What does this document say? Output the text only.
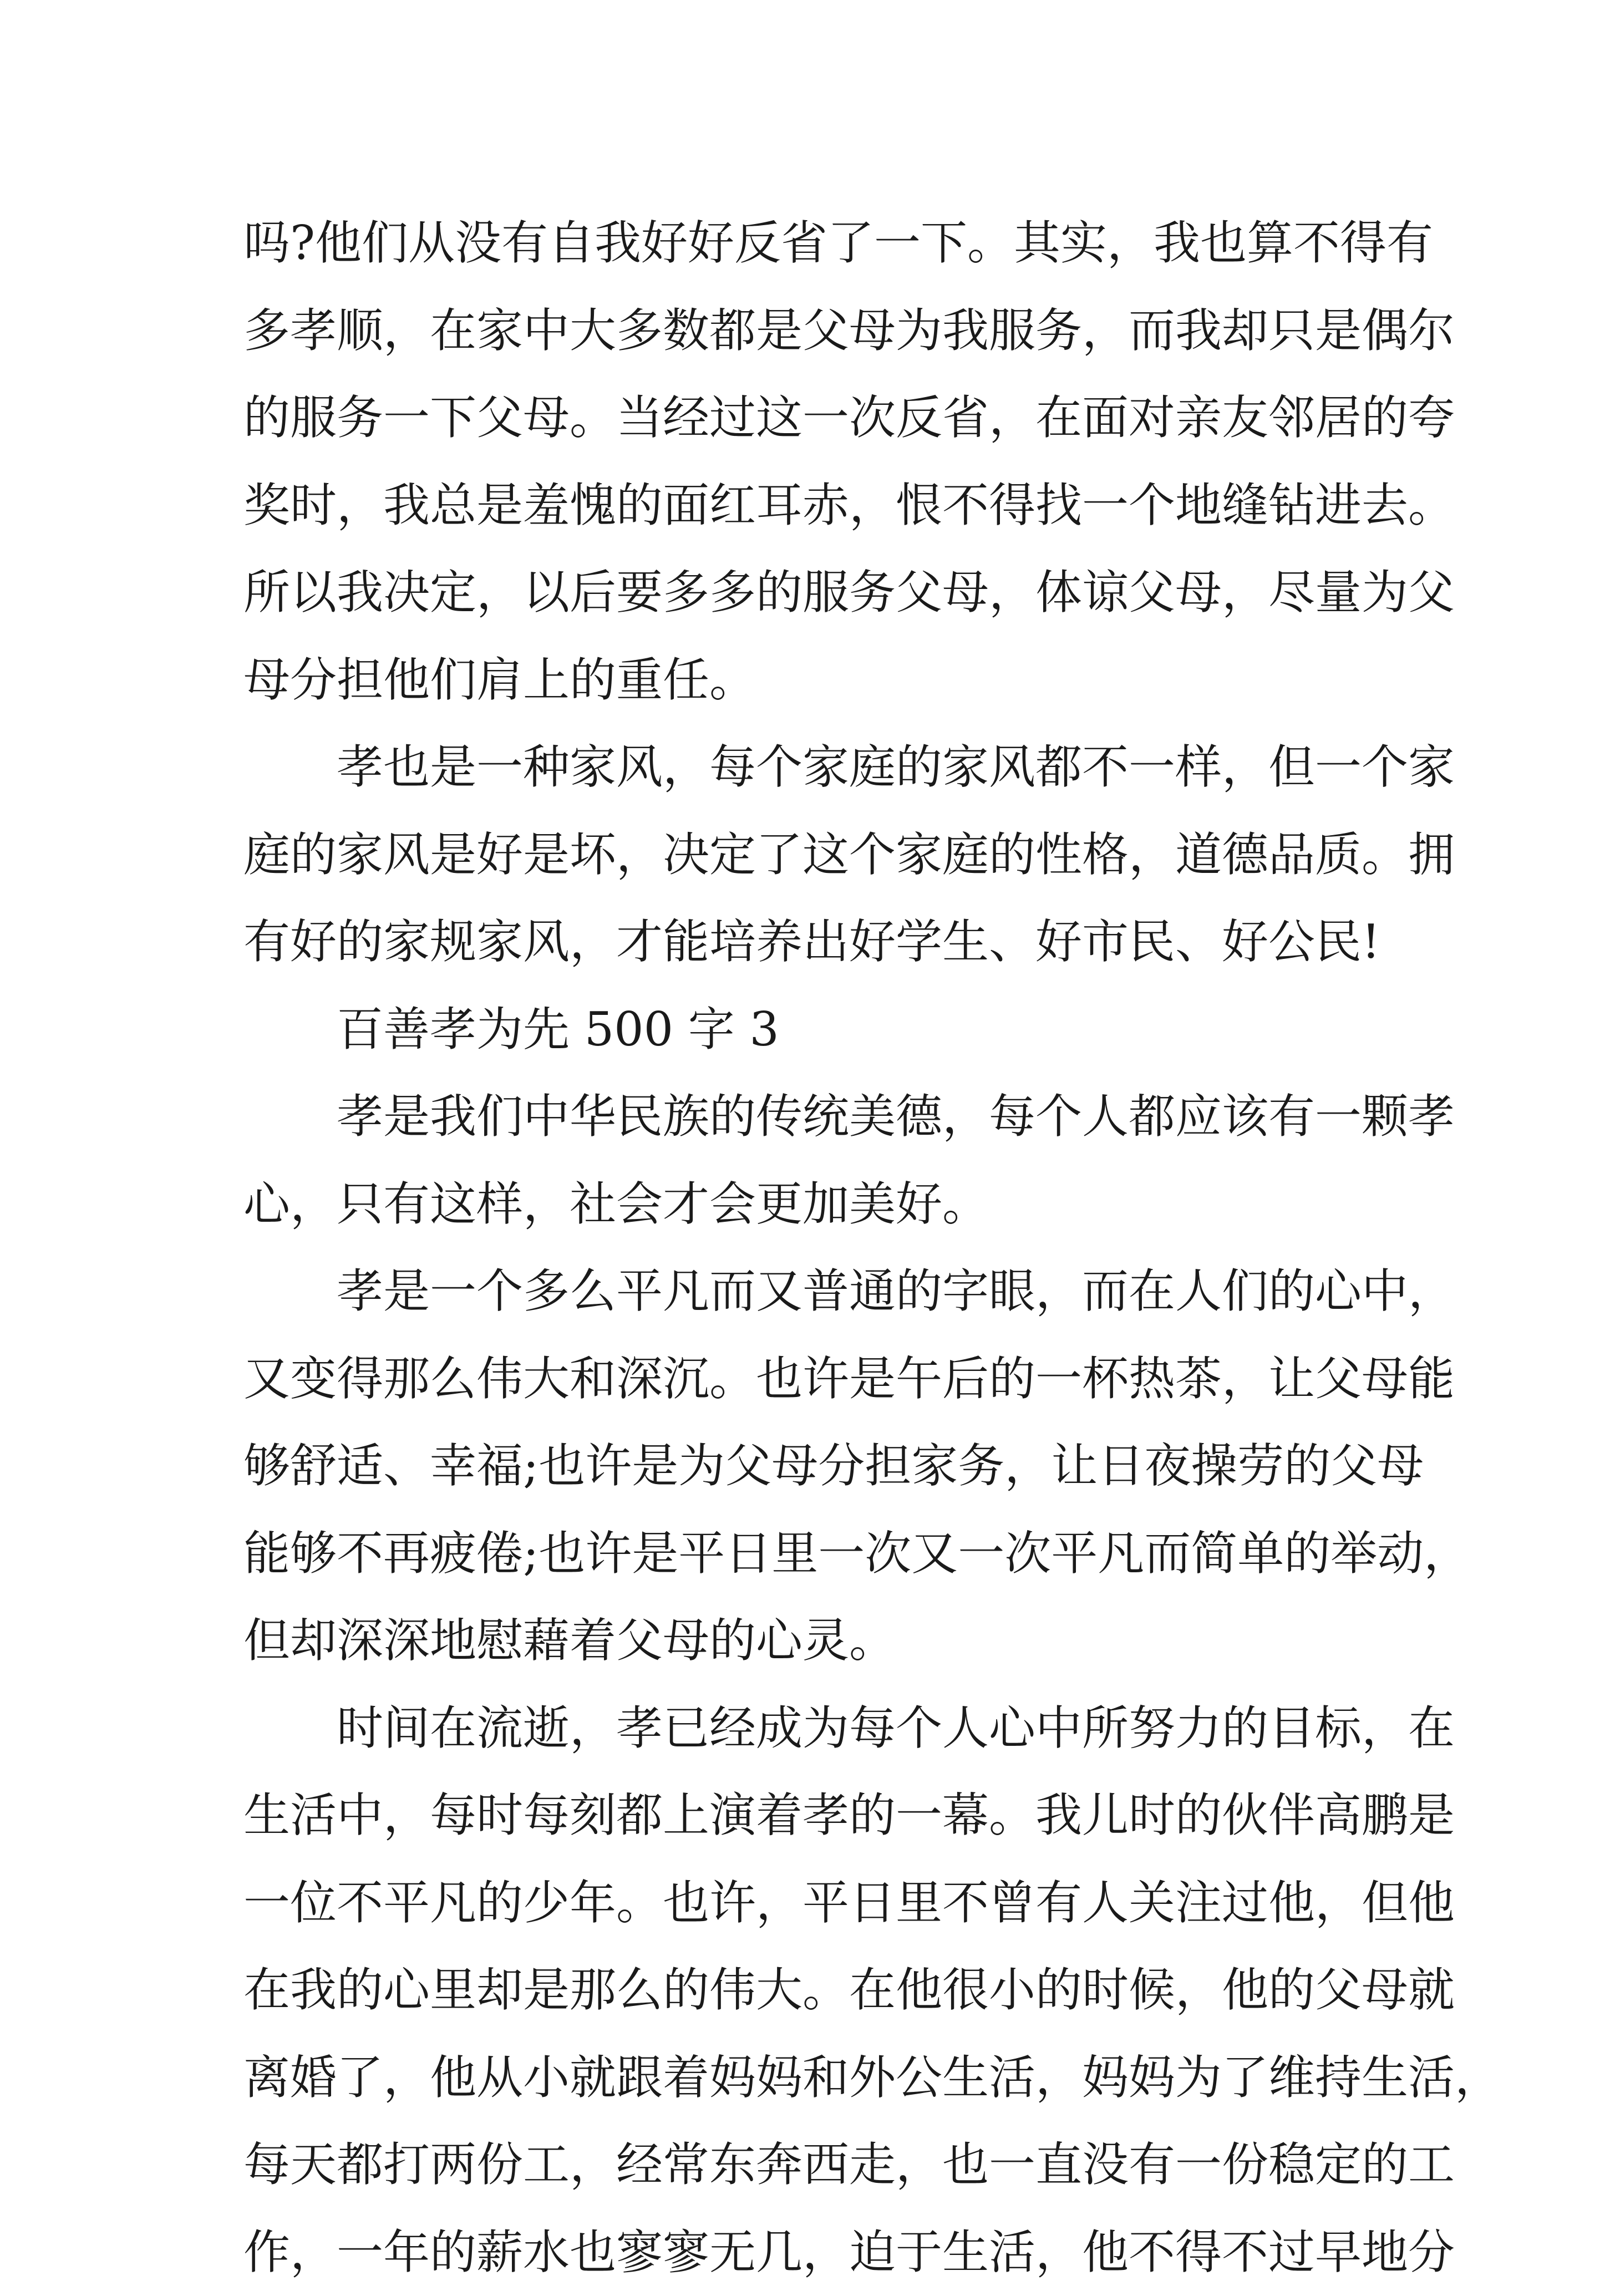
吗?他们从没有自我好好反省了一下。其实，我也算不得有
多孝顺，在家中大多数都是父母为我服务，而我却只是偶尔
的服务一下父母。当经过这一次反省，在面对亲友邻居的夸
奖时，我总是羞愧的面红耳赤，恨不得找一个地缝钻进去。
所以我决定，以后要多多的服务父母，体谅父母，尽量为父
母分担他们肩上的重任。
孝也是一种家风，每个家庭的家风都不一样，但一个家
庭的家风是好是坏，决定了这个家庭的性格，道德品质。拥
有好的家规家风，才能培养出好学生、好市民、好公民!
百善孝为先 500 字 3
孝是我们中华民族的传统美德，每个人都应该有一颗孝
心，只有这样，社会才会更加美好。
孝是一个多么平凡而又普通的字眼，而在人们的心中，
又变得那么伟大和深沉。也许是午后的一杯热茶，让父母能
够舒适、幸福;也许是为父母分担家务，让日夜操劳的父母
能够不再疲倦;也许是平日里一次又一次平凡而简单的举动，
但却深深地慰藉着父母的心灵。
时间在流逝，孝已经成为每个人心中所努力的目标，在
生活中，每时每刻都上演着孝的一幕。我儿时的伙伴高鹏是
一位不平凡的少年。也许，平日里不曾有人关注过他，但他
在我的心里却是那么的伟大。在他很小的时候，他的父母就
离婚了，他从小就跟着妈妈和外公生活，妈妈为了维持生活，
每天都打两份工，经常东奔西走，也一直没有一份稳定的工
作，一年的薪水也寥寥无几，迫于生活，他不得不过早地分
